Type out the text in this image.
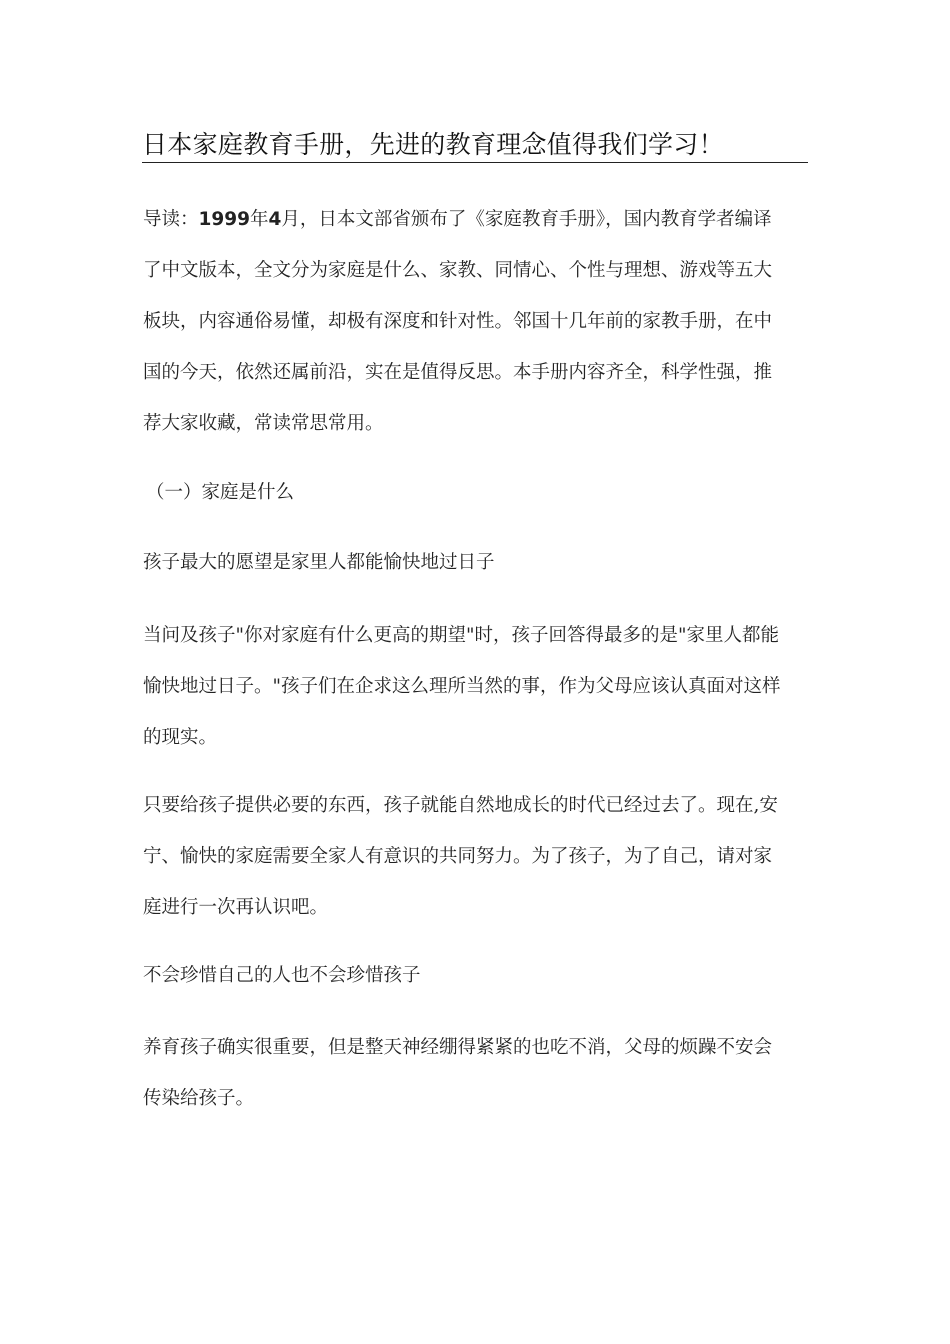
日本家庭教育手册，先进的教育理念值得我们学习！
导读：1999年4月，日本文部省颁布了《家庭教育手册》，国内教育学者编译
了中文版本，全文分为家庭是什么、家教、同情心、个性与理想、游戏等五大
板块，内容通俗易懂，却极有深度和针对性。邻国十几年前的家教手册，在中
国的今天，依然还属前沿，实在是值得反思。本手册内容齐全，科学性强，推
荐大家收藏，常读常思常用。
（一）家庭是什么
孩子最大的愿望是家里人都能愉快地过日子
当问及孩子"你对家庭有什么更高的期望"时，孩子回答得最多的是"家里人都能
愉快地过日子。"孩子们在企求这么理所当然的事，作为父母应该认真面对这样
的现实。
只要给孩子提供必要的东西，孩子就能自然地成长的时代已经过去了。现在,安
宁、愉快的家庭需要全家人有意识的共同努力。为了孩子，为了自己，请对家
庭进行一次再认识吧。
不会珍惜自己的人也不会珍惜孩子
养育孩子确实很重要，但是整天神经绷得紧紧的也吃不消，父母的烦躁不安会
传染给孩子。
